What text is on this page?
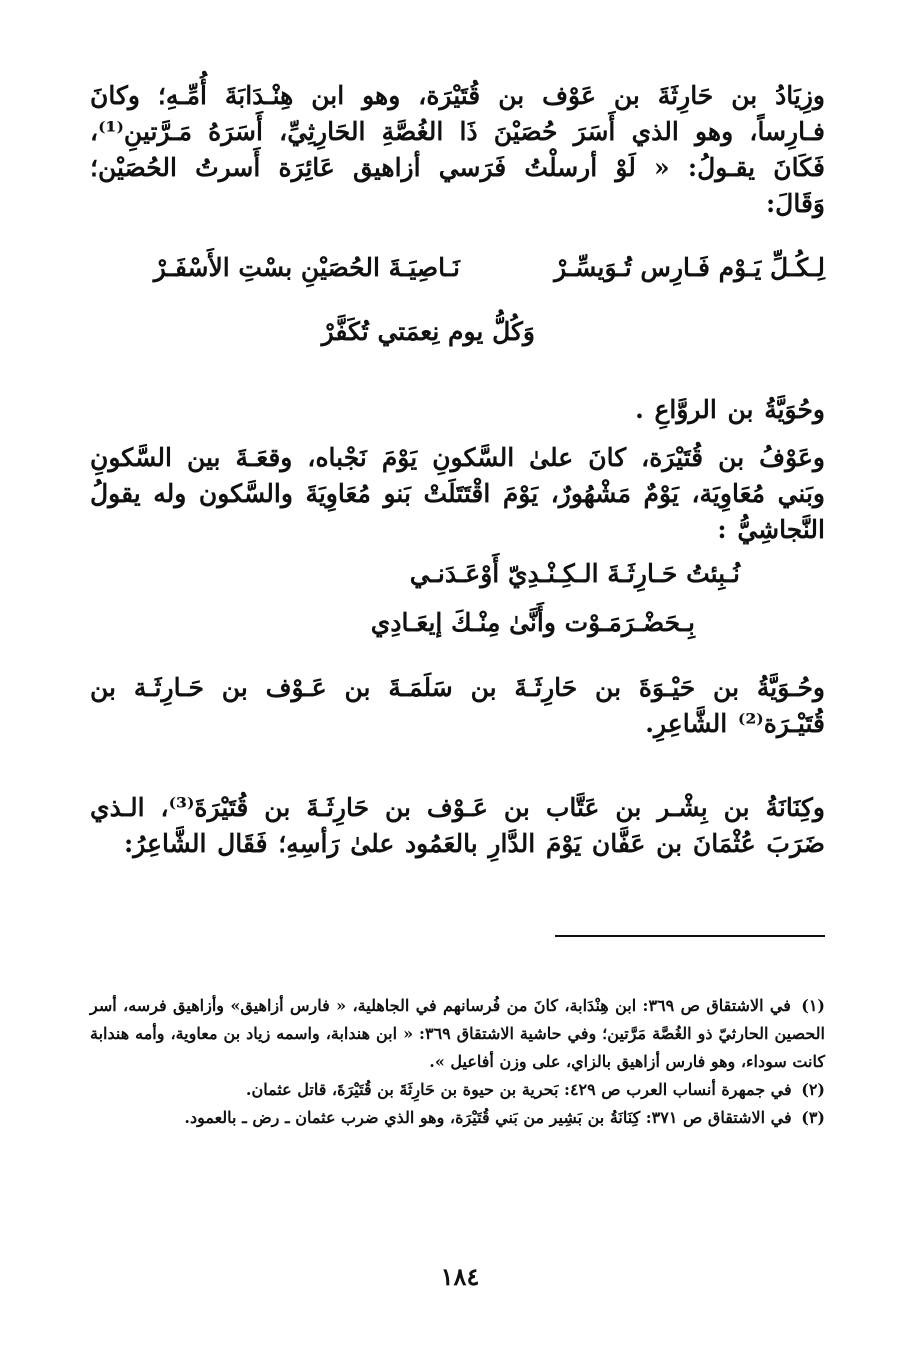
وزِيَادُ بن حَارِثَةَ بن عَوْف بن قُتَيْرَة، وهو ابن هِنْـدَابَةَ أُمِّـهِ؛ وكانَ فـارِساً، وهو الذي أَسَرَ حُصَيْنَ ذَا الغُصَّةِ الحَارِثِيِّ، أَسَرَهُ مَـرَّتينِ⁽¹⁾، فَكَانَ يقـولُ: « لَوْ أرسلْتُ فَرَسي أزاهيق عَائِرَة أَسرتُ الحُصَيْن؛ وَقَالَ:

لِـكُـلِّ يَـوْم فَـارِس تُـوَيسِّـرْ
نَـاصِيَـةَ الحُصَيْنِ بسْتِ الأَسْفَـرْ
وَكُلُّ يوم نِعمَتي تُكَفَّرْ

وحُوَيَّةُ بن الروَّاعِ .

وعَوْفُ بن قُتَيْرَة، كانَ علىٰ السَّكونِ يَوْمَ نَجْباه، وقعَـةَ بين السَّكونِ وبَني مُعَاوِيَة، يَوْمٌ مَشْهُورٌ، يَوْمَ اقْتَتَلَتْ بَنو مُعَاوِيَةَ والسَّكون وله يقولُ النَّجاشِيُّ :

نُـبِئتُ حَـارِثَـةَ الـكِـنْـدِيّ أَوْعَـدَنـي
بِـحَضْـرَمَـوْت وأَنَّىٰ مِنْـكَ إيعَـادِي

وحُـوَيَّةُ بن حَيْـوَةَ بن حَارِثَـةَ بن سَلَمَـةَ بن عَـوْف بن حَـارِثَـة بن قُتَيْـرَة⁽²⁾ الشَّاعِرِ.

وكِنَانَةُ بن بِشْـر بن عَتَّاب بن عَـوْف بن حَارِثَـةَ بن قُتَيْرَةَ⁽³⁾، الـذي ضَرَبَ عُثْمَانَ بن عَفَّان يَوْمَ الدَّارِ بالعَمُود علىٰ رَأسِهِ؛ فَقَال الشَّاعِرُ:

(١) في الاشتقاق ص ٣٦٩: ابن هِنْدَابة، كانَ من فُرسانهم في الجاهلية، « فارس أزاهيق» وأزاهيق فرسه، أسر الحصين الحارثيّ ذو الغُصَّة مَرَّتين؛ وفي حاشية الاشتقاق ٣٦٩: « ابن هندابة، واسمه زياد بن معاوية، وأمه هندابة كانت سوداء، وهو فارس أزاهيق بالزاي، على وزن أفاعيل ».

(٢) في جمهرة أنساب العرب ص ٤٢٩: بَحرية بن حيوة بن حَارِثَةَ بن قُتَيْرَةَ، قاتل عثمان.

(٣) في الاشتقاق ص ٣٧١: كِنَانَةُ بن بَشِير من بَني قُتَيْرَة، وهو الذي ضرب عثمان ـ رض ـ بالعمود.

١٨٤
